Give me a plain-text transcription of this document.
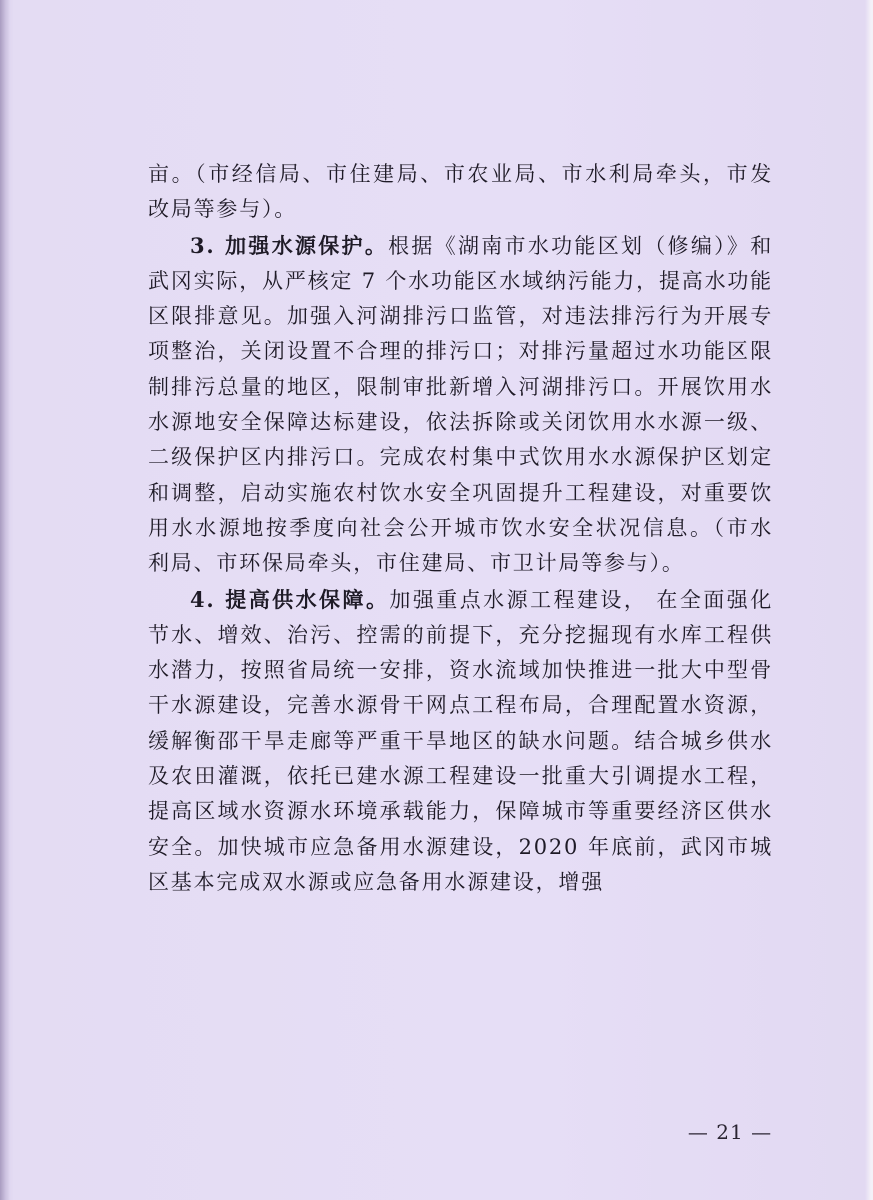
亩。（市经信局、市住建局、市农业局、市水利局牵头，市发改局等参与）。

3. 加强水源保护。根据《湖南市水功能区划（修编）》和武冈实际，从严核定 7 个水功能区水域纳污能力，提高水功能区限排意见。加强入河湖排污口监管，对违法排污行为开展专项整治，关闭设置不合理的排污口；对排污量超过水功能区限制排污总量的地区，限制审批新增入河湖排污口。开展饮用水水源地安全保障达标建设，依法拆除或关闭饮用水水源一级、二级保护区内排污口。完成农村集中式饮用水水源保护区划定和调整，启动实施农村饮水安全巩固提升工程建设，对重要饮用水水源地按季度向社会公开城市饮水安全状况信息。（市水利局、市环保局牵头，市住建局、市卫计局等参与）。

4. 提高供水保障。加强重点水源工程建设， 在全面强化节水、增效、治污、控需的前提下，充分挖掘现有水库工程供水潜力，按照省局统一安排，资水流域加快推进一批大中型骨干水源建设，完善水源骨干网点工程布局，合理配置水资源，缓解衡邵干旱走廊等严重干旱地区的缺水问题。结合城乡供水及农田灌溉，依托已建水源工程建设一批重大引调提水工程，提高区域水资源水环境承载能力，保障城市等重要经济区供水安全。加快城市应急备用水源建设，2020 年底前，武冈市城区基本完成双水源或应急备用水源建设，增强

— 21 —
